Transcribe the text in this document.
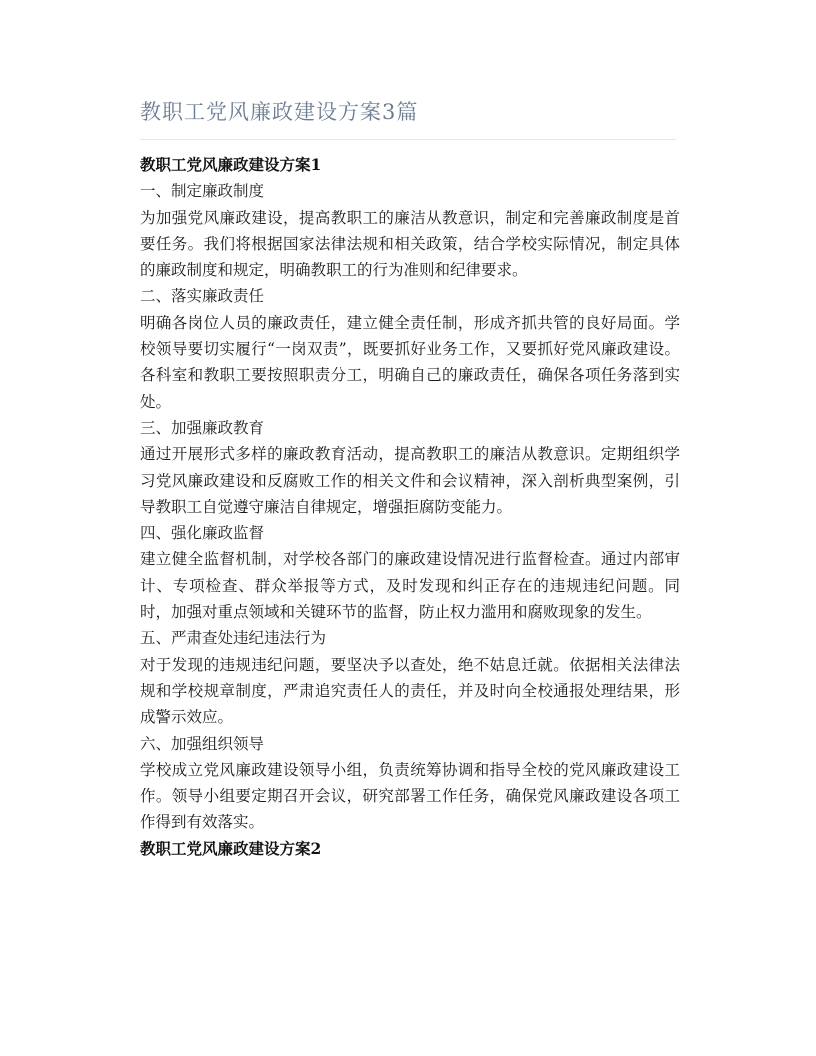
教职工党风廉政建设方案3篇

教职工党风廉政建设方案1

一、制定廉政制度

为加强党风廉政建设，提高教职工的廉洁从教意识，制定和完善廉政制度是首要任务。我们将根据国家法律法规和相关政策，结合学校实际情况，制定具体的廉政制度和规定，明确教职工的行为准则和纪律要求。

二、落实廉政责任

明确各岗位人员的廉政责任，建立健全责任制，形成齐抓共管的良好局面。学校领导要切实履行“一岗双责”，既要抓好业务工作，又要抓好党风廉政建设。各科室和教职工要按照职责分工，明确自己的廉政责任，确保各项任务落到实处。

三、加强廉政教育

通过开展形式多样的廉政教育活动，提高教职工的廉洁从教意识。定期组织学习党风廉政建设和反腐败工作的相关文件和会议精神，深入剖析典型案例，引导教职工自觉遵守廉洁自律规定，增强拒腐防变能力。

四、强化廉政监督

建立健全监督机制，对学校各部门的廉政建设情况进行监督检查。通过内部审计、专项检查、群众举报等方式，及时发现和纠正存在的违规违纪问题。同时，加强对重点领域和关键环节的监督，防止权力滥用和腐败现象的发生。

五、严肃查处违纪违法行为

对于发现的违规违纪问题，要坚决予以查处，绝不姑息迁就。依据相关法律法规和学校规章制度，严肃追究责任人的责任，并及时向全校通报处理结果，形成警示效应。

六、加强组织领导

学校成立党风廉政建设领导小组，负责统筹协调和指导全校的党风廉政建设工作。领导小组要定期召开会议，研究部署工作任务，确保党风廉政建设各项工作得到有效落实。

教职工党风廉政建设方案2
